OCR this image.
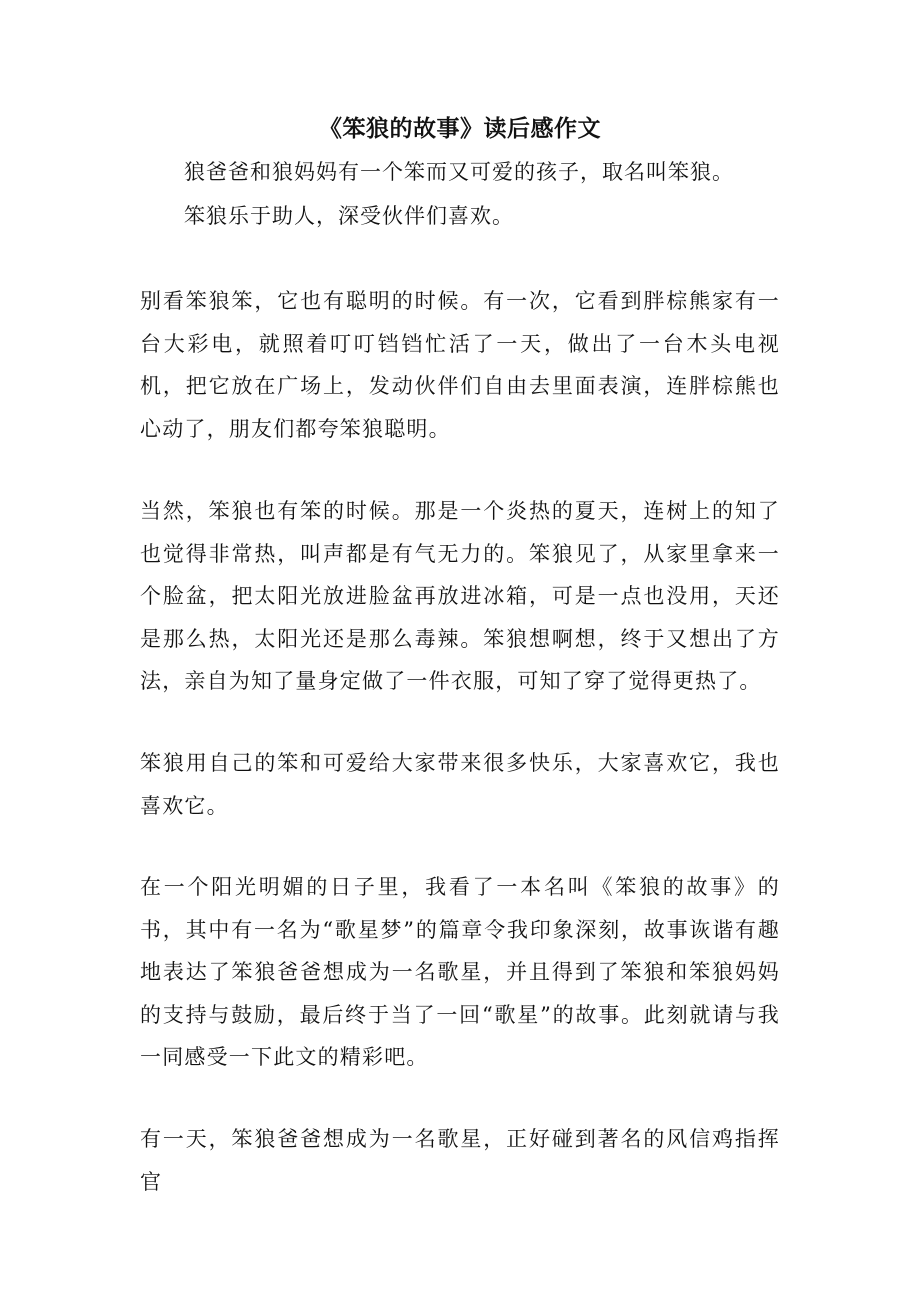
《笨狼的故事》读后感作文
狼爸爸和狼妈妈有一个笨而又可爱的孩子，取名叫笨狼。
笨狼乐于助人，深受伙伴们喜欢。

别看笨狼笨，它也有聪明的时候。有一次，它看到胖棕熊家有一台大彩电，就照着叮叮铛铛忙活了一天，做出了一台木头电视机，把它放在广场上，发动伙伴们自由去里面表演，连胖棕熊也心动了，朋友们都夸笨狼聪明。

当然，笨狼也有笨的时候。那是一个炎热的夏天，连树上的知了也觉得非常热，叫声都是有气无力的。笨狼见了，从家里拿来一个脸盆，把太阳光放进脸盆再放进冰箱，可是一点也没用，天还是那么热，太阳光还是那么毒辣。笨狼想啊想，终于又想出了方法，亲自为知了量身定做了一件衣服，可知了穿了觉得更热了。

笨狼用自己的笨和可爱给大家带来很多快乐，大家喜欢它，我也喜欢它。

在一个阳光明媚的日子里，我看了一本名叫《笨狼的故事》的书，其中有一名为“歌星梦”的篇章令我印象深刻，故事诙谐有趣地表达了笨狼爸爸想成为一名歌星，并且得到了笨狼和笨狼妈妈的支持与鼓励，最后终于当了一回“歌星”的故事。此刻就请与我一同感受一下此文的精彩吧。

有一天，笨狼爸爸想成为一名歌星，正好碰到著名的风信鸡指挥官
